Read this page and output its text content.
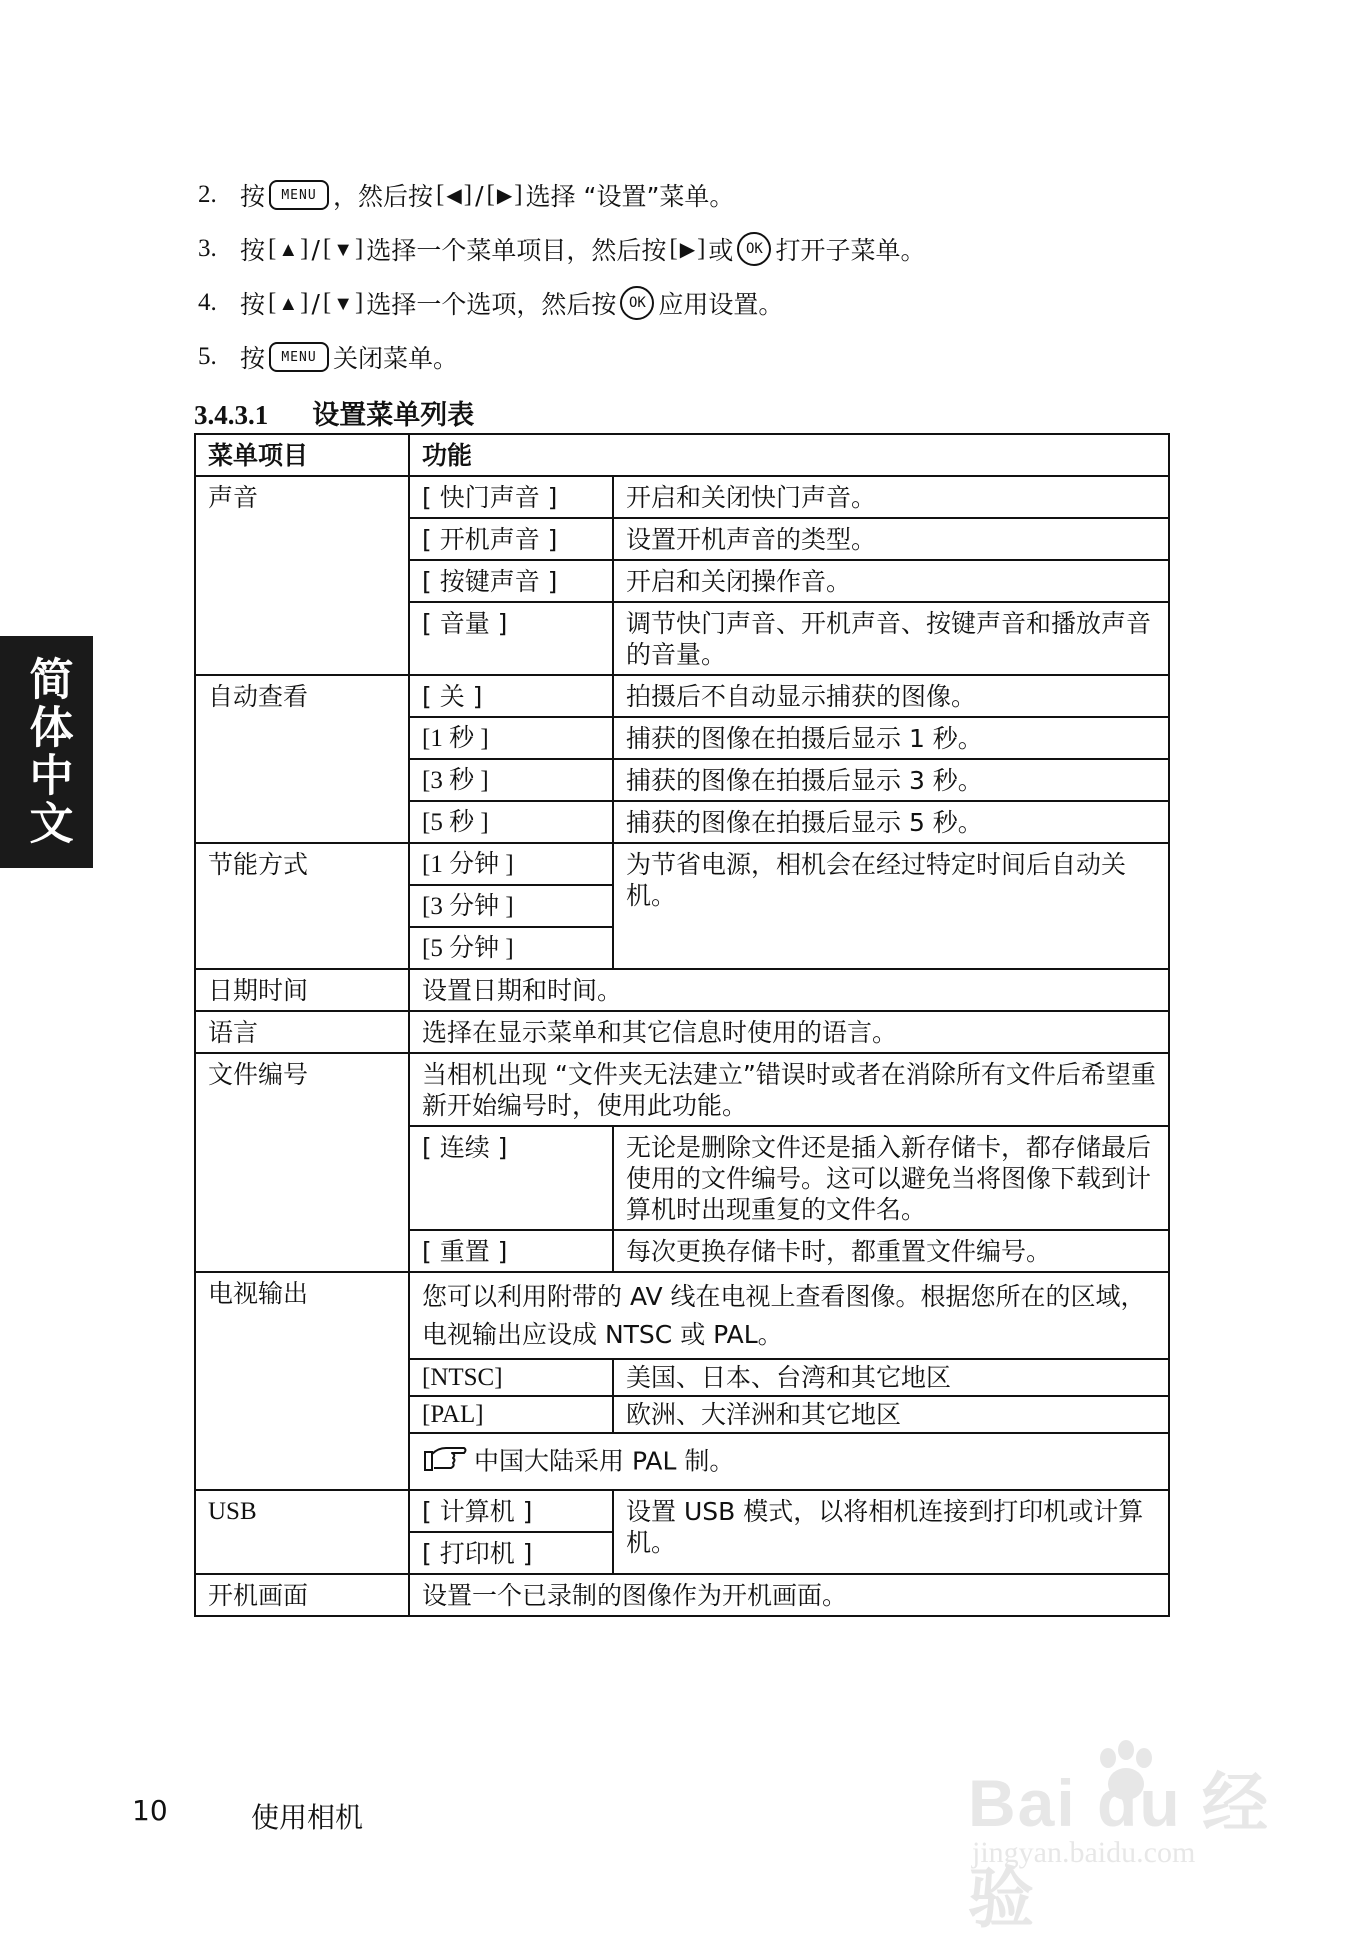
2. 按	MENU ，然后按 [ ◀] / [ ▶] 选择 “设置”菜单。
3. 按 [ ▲] / [ ▼] 选择一个菜单项目，然后按 [ ▶] 或 OK 打开子菜单。
4. 按 [ ▲] / [ ▼] 选择一个选项，然后按 OK 应用设置。
5. 按	MENU 关闭菜单。
3.4.3.1 设置菜单列表
菜单项目	功能	
声音	[ 快门声音 ]	开启和关闭快门声音。
	[ 开机声音 ]	设置开机声音的类型。
	[ 按键声音 ]	开启和关闭操作音。
	[ 音量 ]	调节快门声音、开机声音、按键声音和播放声音的音量。
自动查看	[ 关 ]	拍摄后不自动显示捕获的图像。
	[1 秒 ]	捕获的图像在拍摄后显示 1 秒。
	[3 秒 ]	捕获的图像在拍摄后显示 3 秒。
	[5 秒 ]	捕获的图像在拍摄后显示 5 秒。
节能方式	[1 分钟 ]	为节省电源，相机会在经过特定时间后自动关机。
	[3 分钟 ]	
	[5 分钟 ]	
日期时间	设置日期和时间。	
语言	选择在显示菜单和其它信息时使用的语言。	
文件编号	当相机出现 “文件夹无法建立”错误时或者在消除所有文件后希望重新开始编号时，使用此功能。	
	[ 连续 ]	无论是删除文件还是插入新存储卡，都存储最后使用的文件编号。这可以避免当将图像下载到计算机时出现重复的文件名。
	[ 重置 ]	每次更换存储卡时，都重置文件编号。
电视输出	您可以利用附带的 AV 线在电视上查看图像。根据您所在的区域，电视输出应设成 NTSC 或 PAL。	
	[NTSC]	美国、日本、台湾和其它地区
	[PAL]	欧洲、大洋洲和其它地区
	中国大陆采用 PAL 制。	
USB	[ 计算机 ]	设置 USB 模式，以将相机连接到打印机或计算机。
	[ 打印机 ]	
开机画面	设置一个已录制的图像作为开机画面。	
简体中文
10	使用相机	Bai du 经验
jingyan.baidu.com
